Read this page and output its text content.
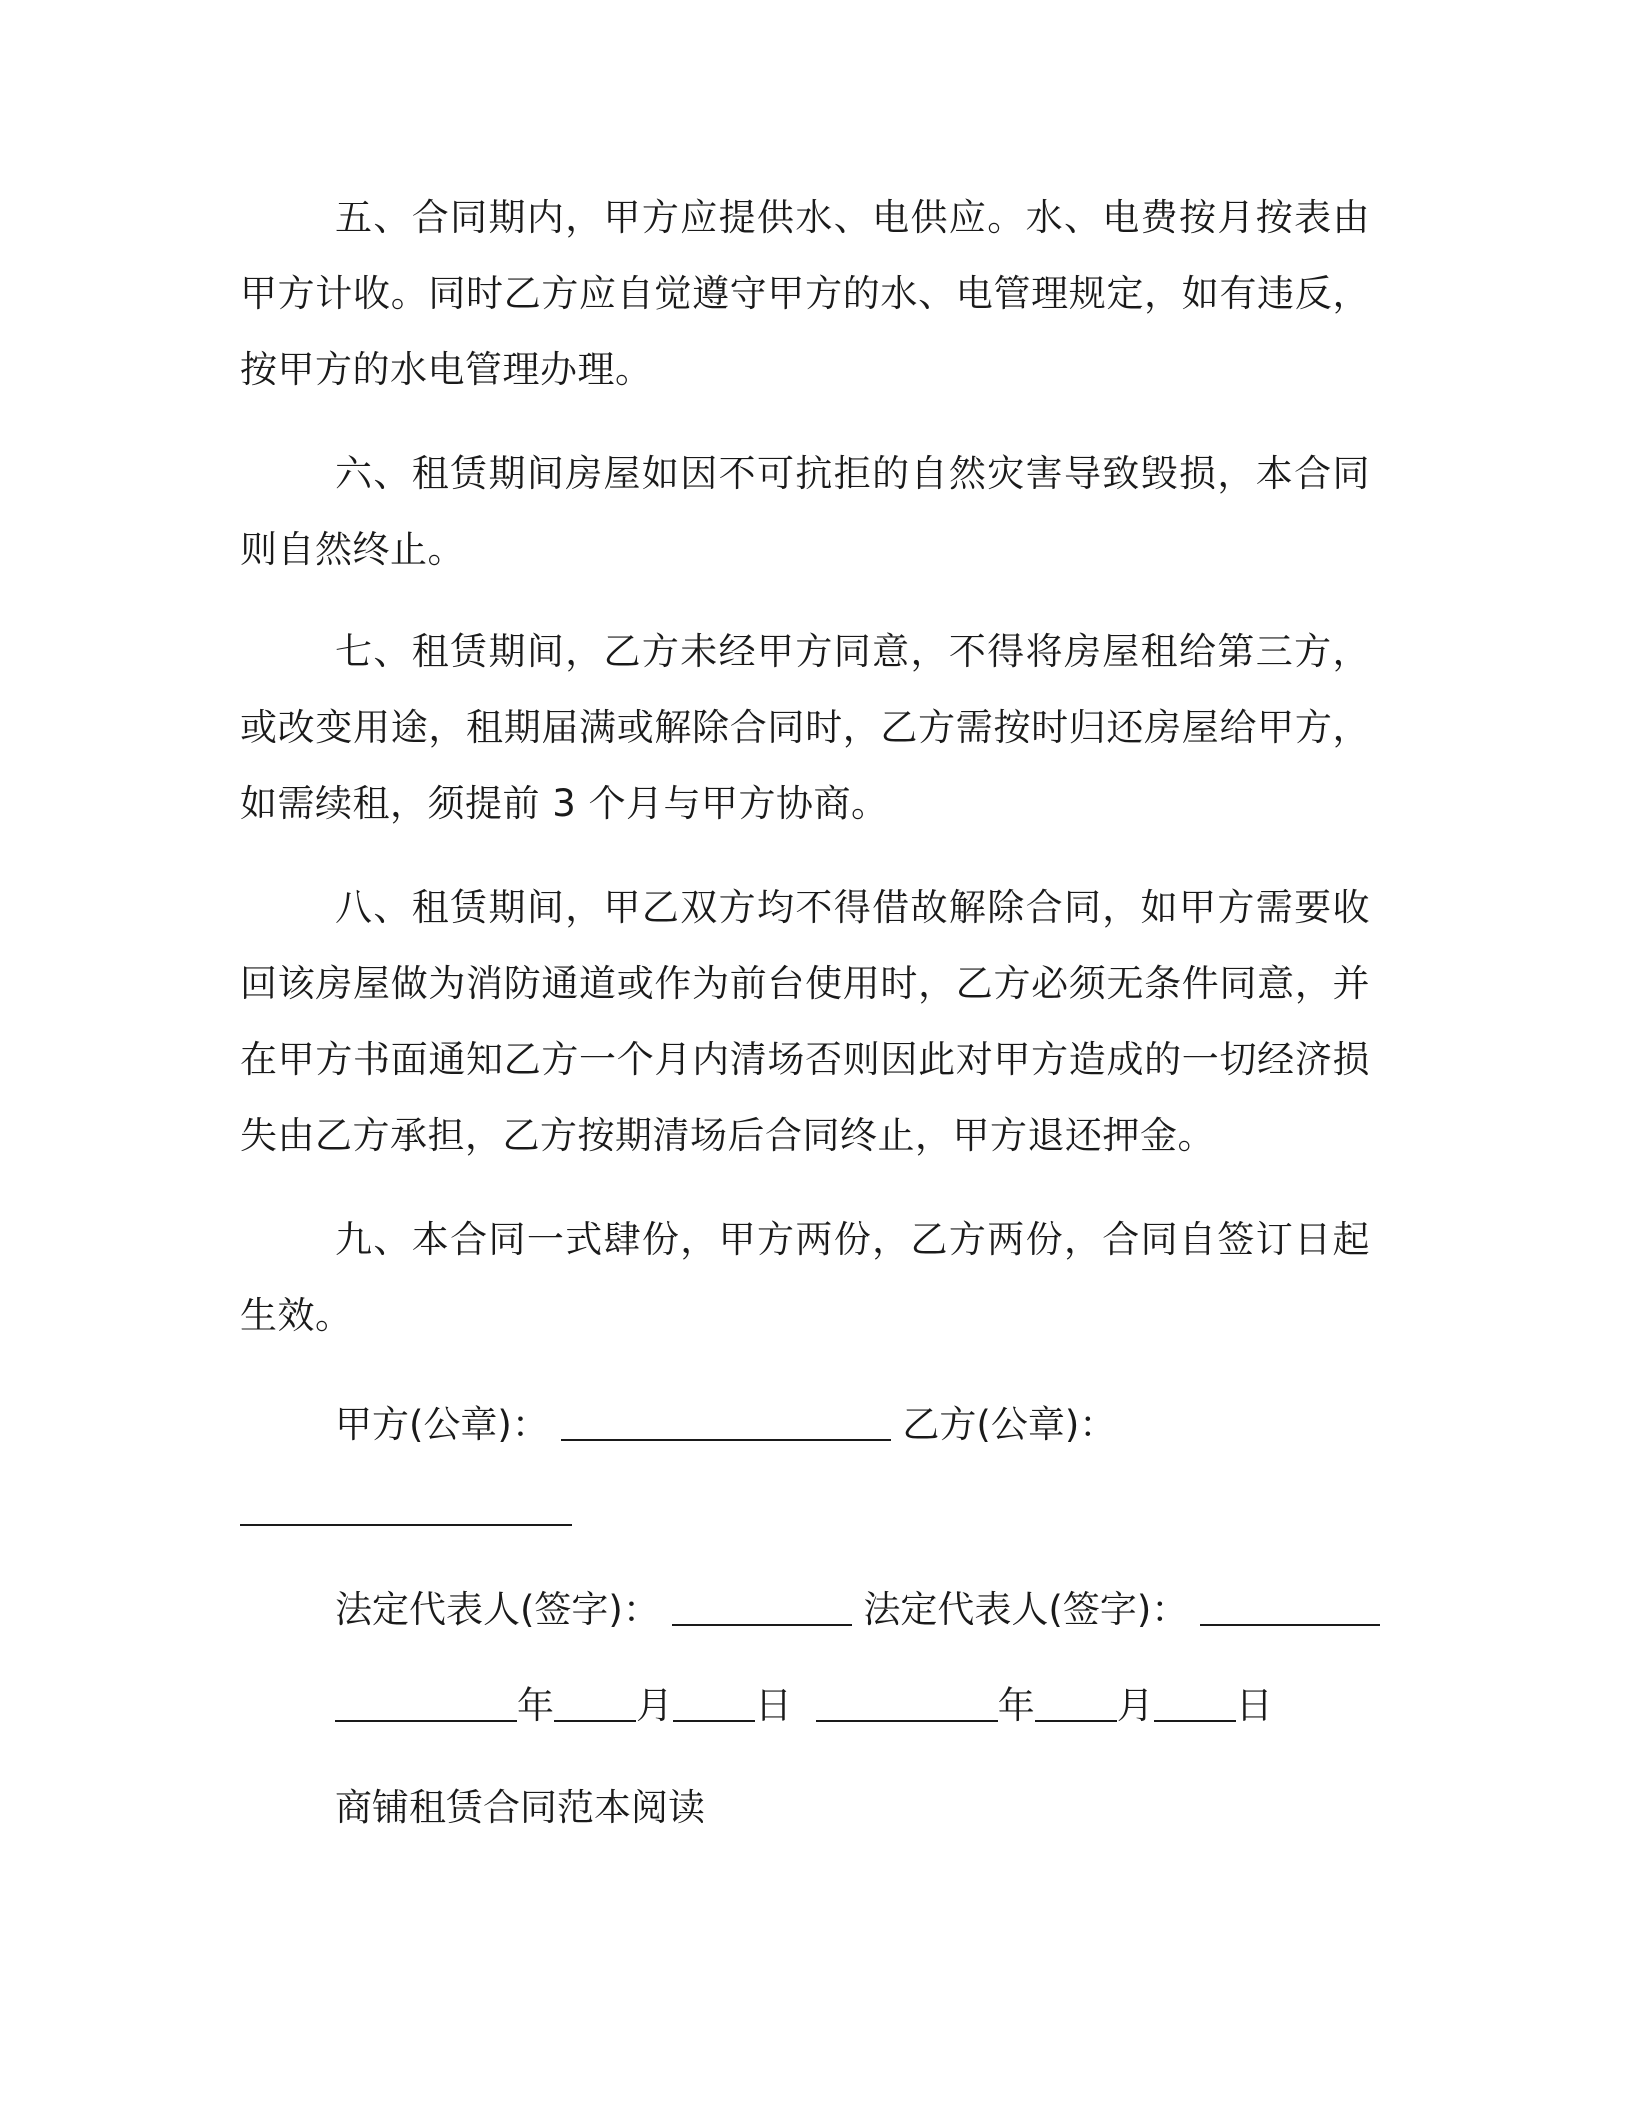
五、合同期内，甲方应提供水、电供应。水、电费按月按表由甲方计收。同时乙方应自觉遵守甲方的水、电管理规定，如有违反，按甲方的水电管理办理。

六、租赁期间房屋如因不可抗拒的自然灾害导致毁损，本合同则自然终止。

七、租赁期间，乙方未经甲方同意，不得将房屋租给第三方，或改变用途，租期届满或解除合同时，乙方需按时归还房屋给甲方，如需续租，须提前 3 个月与甲方协商。

八、租赁期间，甲乙双方均不得借故解除合同，如甲方需要收回该房屋做为消防通道或作为前台使用时，乙方必须无条件同意，并在甲方书面通知乙方一个月内清场否则因此对甲方造成的一切经济损失由乙方承担，乙方按期清场后合同终止，甲方退还押金。

九、本合同一式肆份，甲方两份，乙方两份，合同自签订日起生效。

甲方(公章)：	乙方(公章)：
法定代表人(签字)：	法定代表人(签字)：
年 月 日	年 月 日
商铺租赁合同范本阅读
